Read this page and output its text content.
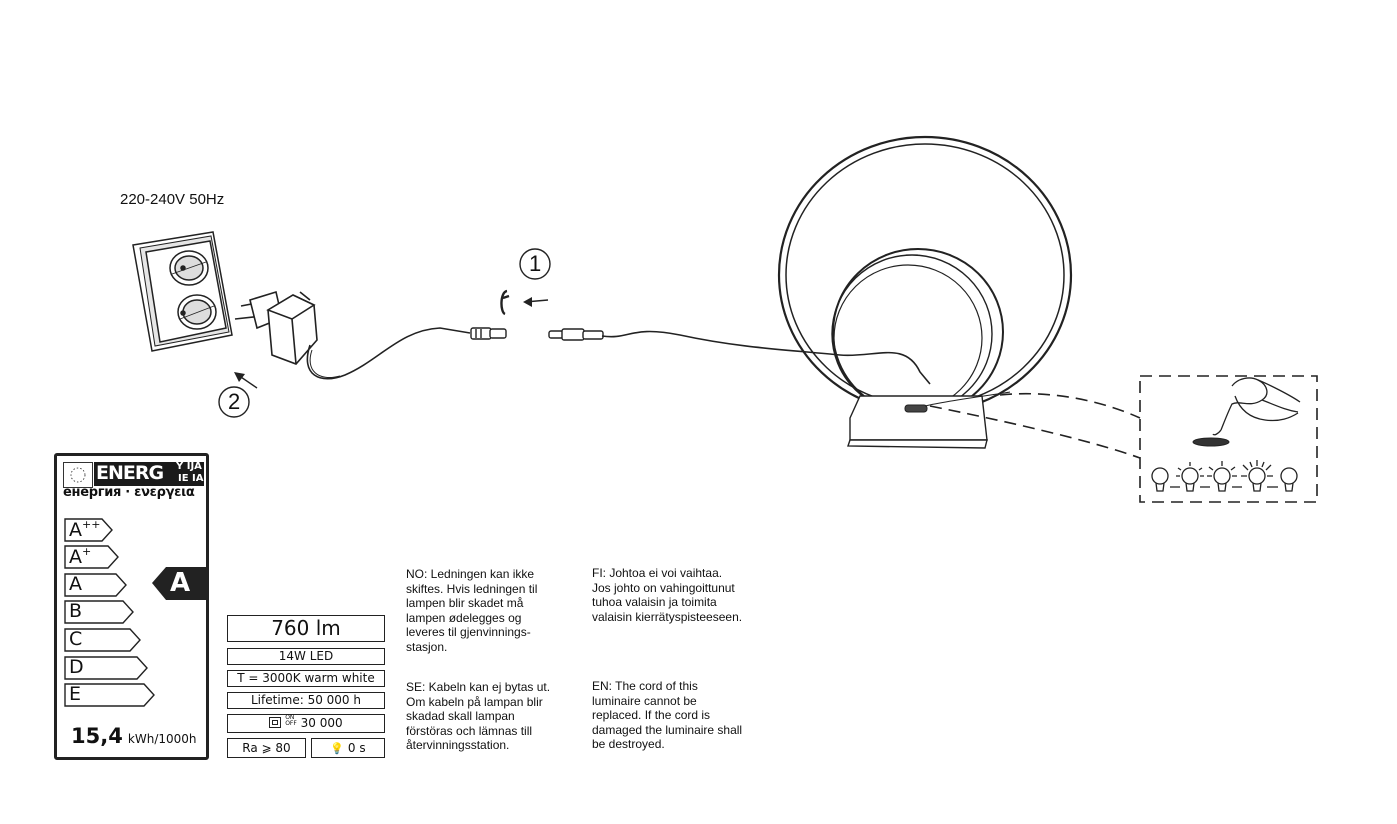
220-240V 50Hz
1
2
ENERG Y IJA
IE IA
енергия · ενεργεια
A++
A+
A
B
C
D
E
A
15,4 kWh/1000h
760 lm
14W LED
T = 3000K warm white
Lifetime: 50 000 h
ON
OFF 30 000
Ra ⩾ 80	💡 0 s
NO: Ledningen kan ikke
skiftes. Hvis ledningen til
lampen blir skadet må
lampen ødelegges og
leveres til gjenvinnings-
stasjon.
SE: Kabeln kan ej bytas ut.
Om kabeln på lampan blir
skadad skall lampan
förstöras och lämnas till
återvinningsstation.
FI: Johtoa ei voi vaihtaa.
Jos johto on vahingoittunut
tuhoa valaisin ja toimita
valaisin kierrätyspisteeseen.
EN: The cord of this
luminaire cannot be
replaced. If the cord is
damaged the luminaire shall
be destroyed.
